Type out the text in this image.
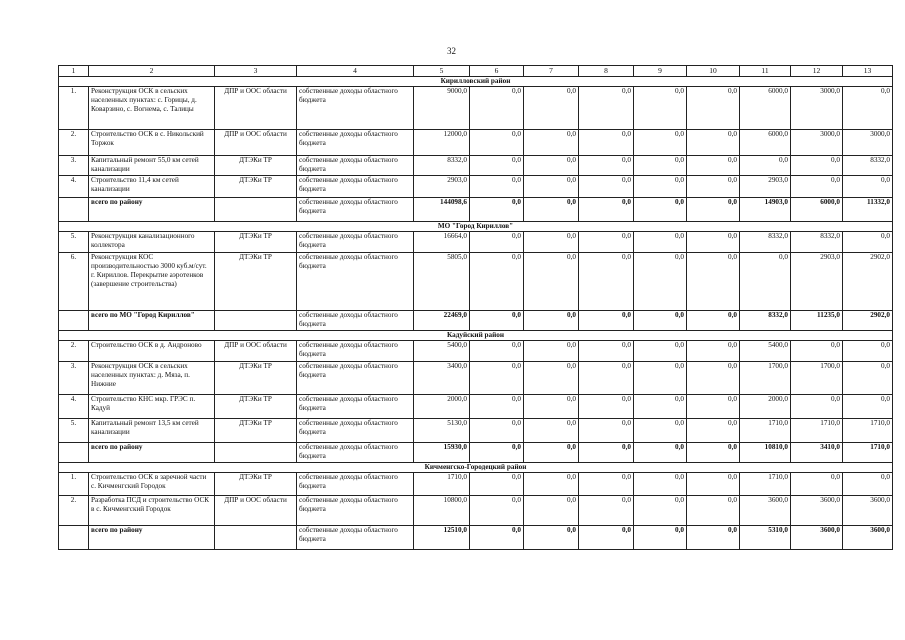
32
1	2	3	4	5	6	7	8	9	10	11	12	13
Кирилловский район												
1.	Реконструкция ОСК в сельских населенных пунктах: с. Горицы, д. Коварзино, с. Вогнема, с. Талицы	ДПР и ООС области	собственные доходы областного бюджета	9000,0	0,0	0,0	0,0	0,0	0,0	6000,0	3000,0	0,0
2.	Строительство ОСК в с. Никольский Торжок	ДПР и ООС области	собственные доходы областного бюджета	12000,0	0,0	0,0	0,0	0,0	0,0	6000,0	3000,0	3000,0
3.	Капитальный ремонт 55,0 км сетей канализации	ДТЭКи ТР	собственные доходы областного бюджета	8332,0	0,0	0,0	0,0	0,0	0,0	0,0	0,0	8332,0
4.	Строительство 11,4 км сетей канализации	ДТЭКи ТР	собственные доходы областного бюджета	2903,0	0,0	0,0	0,0	0,0	0,0	2903,0	0,0	0,0
	всего по району		собственные доходы областного бюджета	144098,6	0,0	0,0	0,0	0,0	0,0	14903,0	6000,0	11332,0
МО "Город Кириллов"												
5.	Реконструкция канализационного коллектора	ДТЭКи ТР	собственные доходы областного бюджета	16664,0	0,0	0,0	0,0	0,0	0,0	8332,0	8332,0	0,0
6.	Реконструкция КОС производительностью 3000 куб.м/сут. г. Кириллов. Перекрытие аэротенков (завершение строительства)	ДТЭКи ТР	собственные доходы областного бюджета	5805,0	0,0	0,0	0,0	0,0	0,0	0,0	2903,0	2902,0
	всего по МО "Город Кириллов"		собственные доходы областного бюджета	22469,0	0,0	0,0	0,0	0,0	0,0	8332,0	11235,0	2902,0
Кадуйский район												
2.	Строительство ОСК в д. Андроново	ДПР и ООС области	собственные доходы областного бюджета	5400,0	0,0	0,0	0,0	0,0	0,0	5400,0	0,0	0,0
3.	Реконструкция ОСК в сельских населенных пунктах: д. Мяза, п. Нижние	ДТЭКи ТР	собственные доходы областного бюджета	3400,0	0,0	0,0	0,0	0,0	0,0	1700,0	1700,0	0,0
4.	Строительство КНС мкр. ГРЭС п. Кадуй	ДТЭКи ТР	собственные доходы областного бюджета	2000,0	0,0	0,0	0,0	0,0	0,0	2000,0	0,0	0,0
5.	Капитальный ремонт 13,5 км сетей канализации	ДТЭКи ТР	собственные доходы областного бюджета	5130,0	0,0	0,0	0,0	0,0	0,0	1710,0	1710,0	1710,0
	всего по району		собственные доходы областного бюджета	15930,0	0,0	0,0	0,0	0,0	0,0	10810,0	3410,0	1710,0
Кичменгско-Городецкий район												
1.	Строительство ОСК в заречной части с. Кичменгский Городок	ДТЭКи ТР	собственные доходы областного бюджета	1710,0	0,0	0,0	0,0	0,0	0,0	1710,0	0,0	0,0
2.	Разработка ПСД и строительство ОСК в с. Кичменгский Городок	ДПР и ООС области	собственные доходы областного бюджета	10800,0	0,0	0,0	0,0	0,0	0,0	3600,0	3600,0	3600,0
	всего по району		собственные доходы областного бюджета	12510,0	0,0	0,0	0,0	0,0	0,0	5310,0	3600,0	3600,0
